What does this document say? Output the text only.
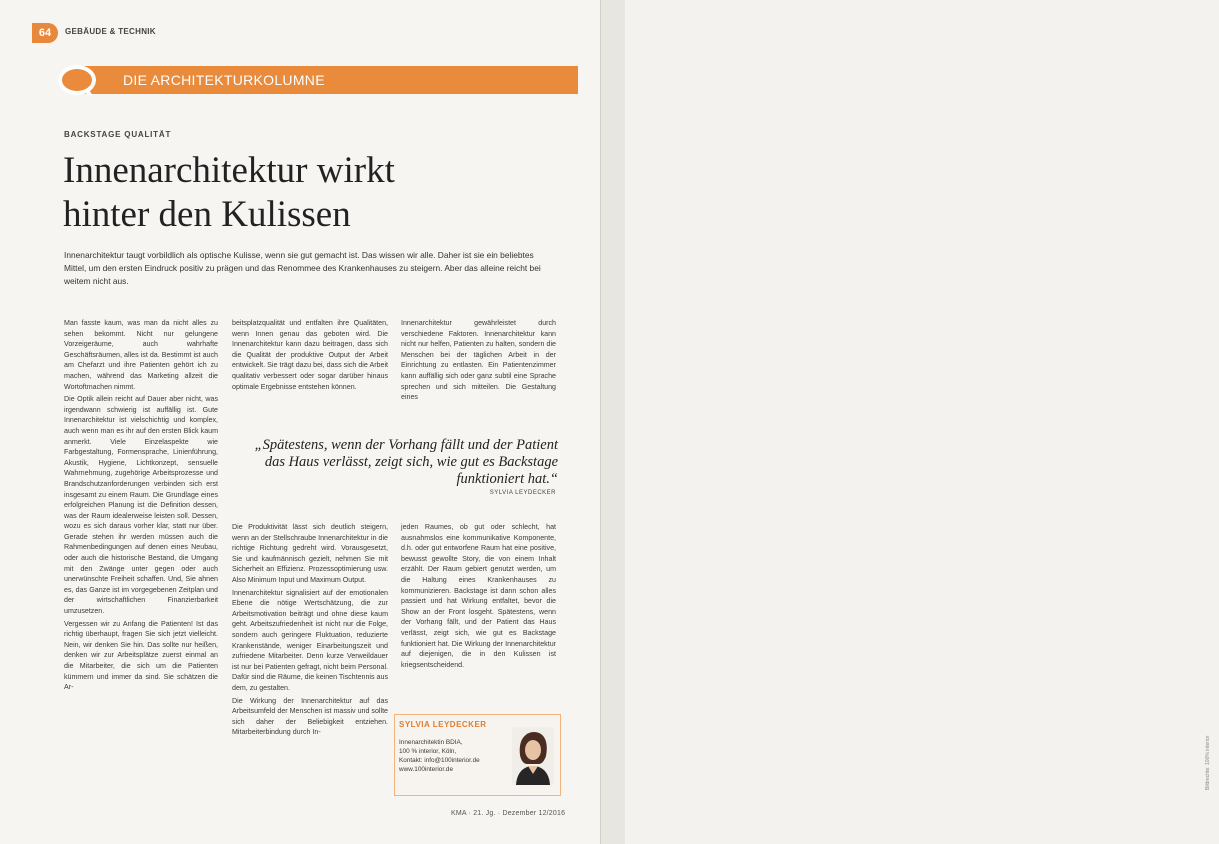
64	GEBÄUDE & TECHNIK
DIE ARCHITEKTURKOLUMNE
BACKSTAGE QUALITÄT
Innenarchitektur wirkt
hinter den Kulissen
Innenarchitektur taugt vorbildlich als optische Kulisse, wenn sie gut gemacht ist. Das wissen wir alle. Daher ist sie ein beliebtes Mittel, um den ersten Eindruck positiv zu prägen und das Renommee des Krankenhauses zu steigern. Aber das alleine reicht bei weitem nicht aus.

Man fasste kaum, was man da nicht alles zu sehen bekommt. Nicht nur gelungene Vorzeigeräume, auch wahrhafte Geschäftsräumen, alles ist da. Bestimmt ist auch am Chefarzt und ihre Patienten gehört ich zu machen, während das Marketing allzeit die Wortoftmachen nimmt.

Die Optik allein reicht auf Dauer aber nicht, was irgendwann schwierig ist auffällig ist. Gute Innenarchitektur ist vielschichtig und komplex, auch wenn man es ihr auf den ersten Blick kaum anmerkt. Viele Einzelaspekte wie Farbgestaltung, Formensprache, Linienführung, Akustik, Hygiene, Lichtkonzept, sensuelle Wahrnehmung, zugehörige Arbeitsprozesse und Brandschutzanforderungen verbinden sich erst insgesamt zu einem Raum. Die Grundlage eines erfolgreichen Planung ist die Definition dessen, was der Raum idealerweise leisten soll. Dessen, wozu es sich daraus vorher klar, statt nur über. Gerade stehen ihr werden müssen auch die Rahmenbedingungen auf denen eines Neubau, oder auch die historische Bestand, die Umgang mit den Zwänge unter gegen oder auch unerwünschte Freiheit schaffen. Und, Sie ahnen es, das Ganze ist im vorgegebenen Zeitplan und der wirtschaftlichen Finanzierbarkeit umzusetzen.

Vergessen wir zu Anfang die Patienten! Ist das richtig überhaupt, fragen Sie sich jetzt vielleicht. Nein, wir denken Sie hin. Das sollte nur heißen, denken wir zur Arbeitsplätze zuerst einmal an die Mitarbeiter, die sich um die Patienten kümmern und immer da sind. Sie schätzen die Ar-

beitsplatzqualität und entfalten ihre Qualitäten, wenn Innen genau das geboten wird. Die Innenarchitektur kann dazu beitragen, dass sich die Qualität der produktive Output der Arbeit entwickelt. Sie trägt dazu bei, dass sich die Arbeit qualitativ verbessert oder sogar darüber hinaus optimale Ergebnisse entstehen können.

Innenarchitektur gewährleistet durch verschiedene Faktoren. Innenarchitektur kann nicht nur helfen, Patienten zu halten, sondern die Menschen bei der täglichen Arbeit in der Einrichtung zu entlasten. Ein Patientenzimmer kann auffällig sich oder ganz subtil eine Sprache sprechen und sich mitteilen. Die Gestaltung eines

„Spätestens, wenn der Vorhang fällt und der Patient
das Haus verlässt, zeigt sich, wie gut es Backstage
funktioniert hat.“
SYLVIA LEYDECKER

Die Produktivität lässt sich deutlich steigern, wenn an der Stellschraube Innenarchitektur in die richtige Richtung gedreht wird. Vorausgesetzt, Sie und kaufmännisch gezielt, nehmen Sie mit Sicherheit an Effizienz. Prozessoptimierung usw. Also Minimum Input und Maximum Output.

Innenarchitektur signalisiert auf der emotionalen Ebene die nötige Wertschätzung, die zur Arbeitsmotivation beiträgt und ohne diese kaum geht. Arbeitszufriedenheit ist nicht nur die Folge, sondern auch geringere Fluktuation, reduzierte Krankenstände, weniger Einarbeitungszeit und zufriedene Mitarbeiter. Denn kurze Verweildauer ist nur bei Patienten gefragt, nicht beim Personal. Dafür sind die Räume, die keinen Tischtennis aus dem, zu gestalten.

Die Wirkung der Innenarchitektur auf das Arbeitsumfeld der Menschen ist massiv und sollte sich daher der Beliebigkeit entziehen. Mitarbeiterbindung durch In-

jeden Raumes, ob gut oder schlecht, hat ausnahmslos eine kommunikative Komponente, d.h. oder gut entworfene Raum hat eine positive, bewusst gewollte Story, die von einem Inhalt erzählt. Der Raum gebiert genutzt werden, um die Haltung eines Krankenhauses zu kommunizieren. Backstage ist dann schon alles passiert und hat Wirkung entfaltet, bevor die Show an der Front losgeht. Spätestens, wenn der Vorhang fällt, und der Patient das Haus verlässt, zeigt sich, wie gut es Backstage funktioniert hat. Die Wirkung der Innenarchitektur auf diejenigen, die in den Kulissen ist kriegsentscheidend.

SYLVIA LEYDECKER
Innenarchitektin BDIA,
100 % interior, Köln,
Kontakt: info@100interior.de
www.100interior.de
KMA · 21. Jg. · Dezember 12/2016
Bildrechte: 100% interior
